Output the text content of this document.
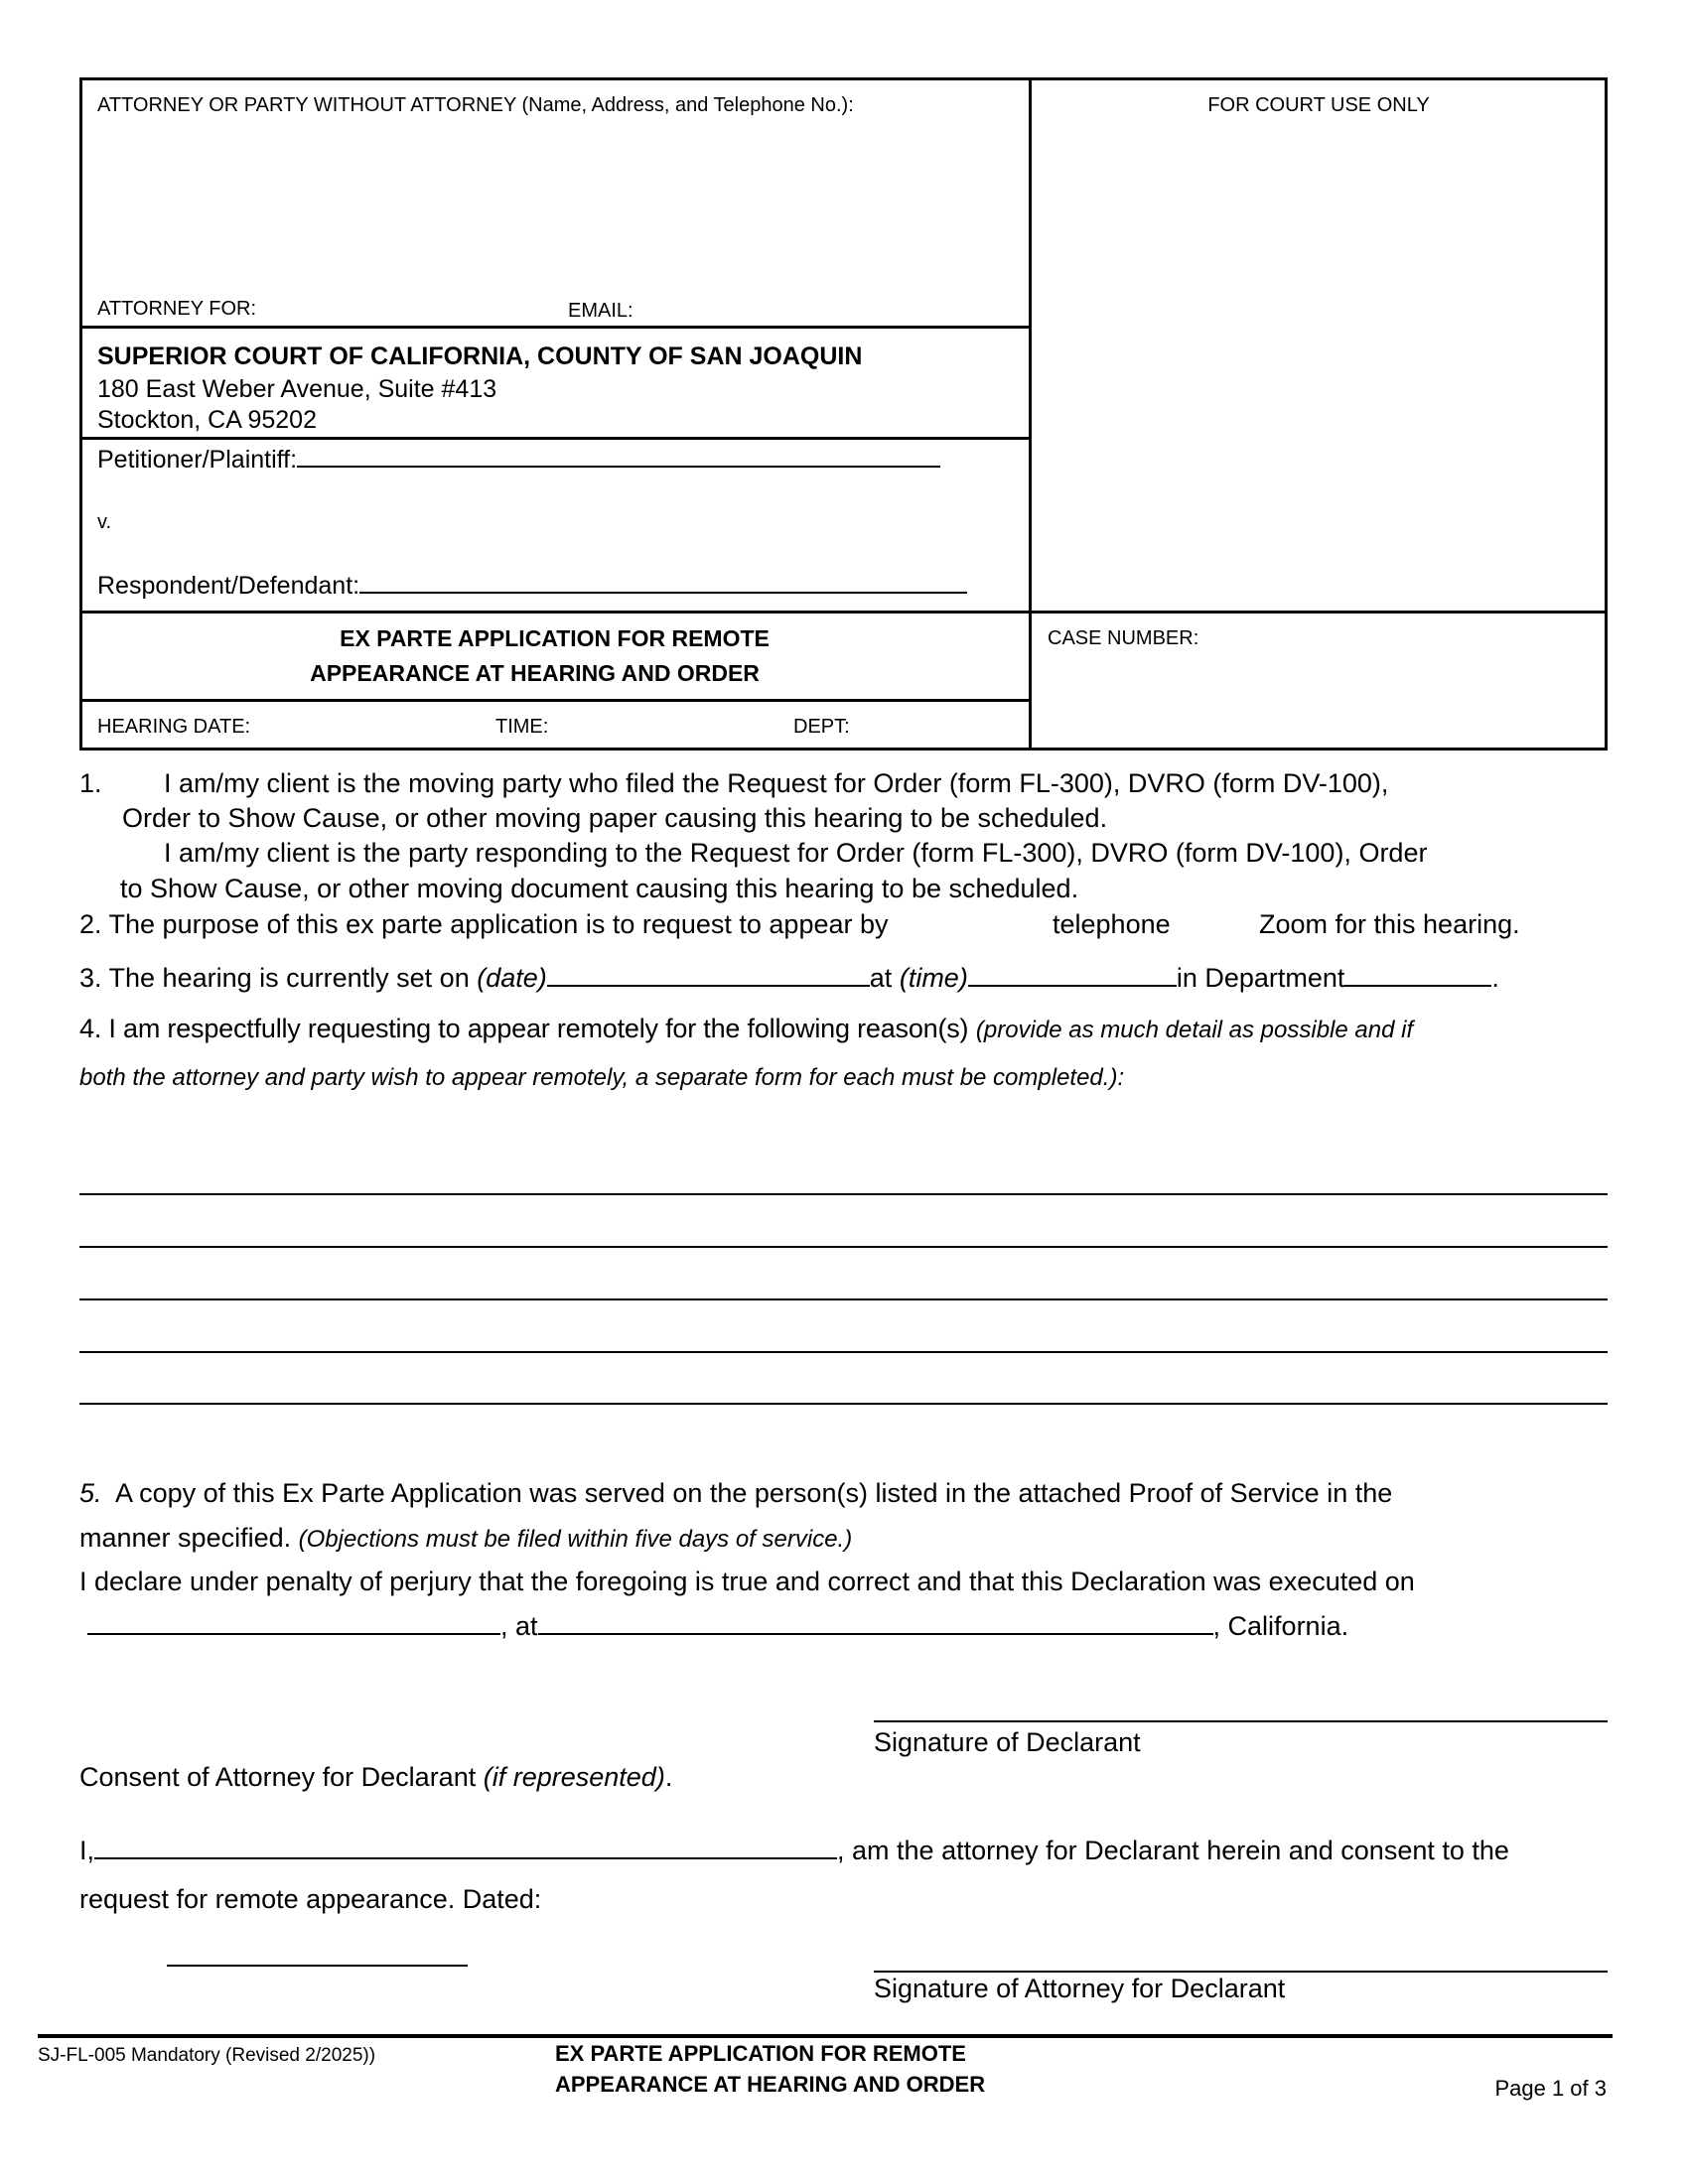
ATTORNEY OR PARTY WITHOUT ATTORNEY (Name, Address, and Telephone No.):	FOR COURT USE ONLY
ATTORNEY FOR:	EMAIL:
SUPERIOR COURT OF CALIFORNIA, COUNTY OF SAN JOAQUIN
180 East Weber Avenue, Suite #413
Stockton, CA 95202
Petitioner/Plaintiff:
v.
Respondent/Defendant:
EX PARTE APPLICATION FOR REMOTE
APPEARANCE AT HEARING AND ORDER
CASE NUMBER:
HEARING DATE:	TIME:	DEPT:
1. I am/my client is the moving party who filed the Request for Order (form FL-300), DVRO (form DV-100),
Order to Show Cause, or other moving paper causing this hearing to be scheduled.
I am/my client is the party responding to the Request for Order (form FL-300), DVRO (form DV-100), Order
to Show Cause, or other moving document causing this hearing to be scheduled.
2. The purpose of this ex parte application is to request to appear by	telephone	Zoom for this hearing.
3. The hearing is currently set on (date)	at (time)	in Department	.
4. I am respectfully requesting to appear remotely for the following reason(s) (provide as much detail as possible and if
both the attorney and party wish to appear remotely, a separate form for each must be completed.):
5. A copy of this Ex Parte Application was served on the person(s) listed in the attached Proof of Service in the
manner specified. (Objections must be filed within five days of service.)
I declare under penalty of perjury that the foregoing is true and correct and that this Declaration was executed on
, at	, California.
Signature of Declarant
Consent of Attorney for Declarant (if represented).
I,	, am the attorney for Declarant herein and consent to the
request for remote appearance. Dated:
Signature of Attorney for Declarant
SJ-FL-005 Mandatory (Revised 2/2025))	EX PARTE APPLICATION FOR REMOTE
APPEARANCE AT HEARING AND ORDER	Page 1 of 3
